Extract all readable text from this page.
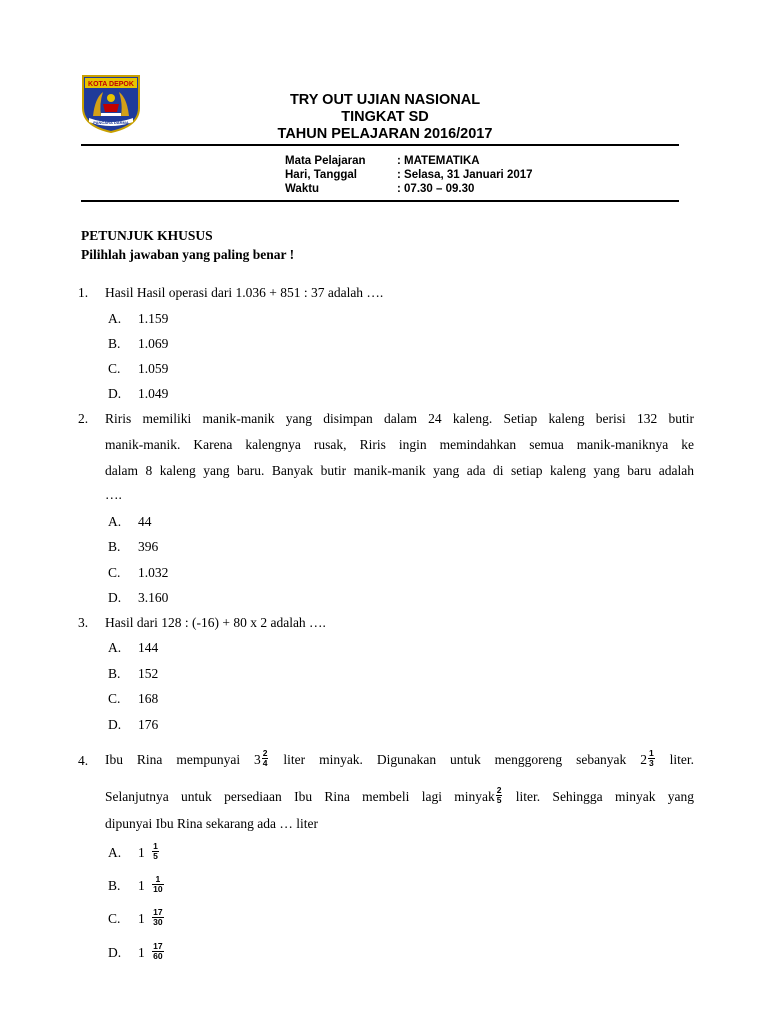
KOTA DEPOK
PANCARA DARMA
TRY OUT UJIAN NASIONAL
TINGKAT SD
TAHUN PELAJARAN 2016/2017
Mata Pelajaran	: MATEMATIKA
Hari, Tanggal	: Selasa, 31 Januari 2017
Waktu	: 07.30 – 09.30
PETUNJUK KHUSUS
Pilihlah jawaban yang paling benar !
1. Hasil Hasil operasi dari 1.036 + 851 : 37 adalah ….
A. 1.159
B. 1.069
C. 1.059
D. 1.049
2. Riris memiliki manik-manik yang disimpan dalam 24 kaleng. Setiap kaleng berisi 132 butir
manik-manik. Karena kalengnya rusak, Riris ingin memindahkan semua manik-maniknya ke
dalam 8 kaleng yang baru. Banyak butir manik-manik yang ada di setiap kaleng yang baru adalah
….
A. 44
B. 396
C. 1.032
D. 3.160
3. Hasil dari 128 : (-16) + 80 x 2 adalah ….
A. 144
B. 152
C. 168
D. 176
4. Ibu Rina mempunyai $3 \frac{2}{4}$ liter minyak. Digunakan untuk menggoreng sebanyak $2 \frac{1}{3}$ liter.
Selanjutnya untuk persediaan Ibu Rina membeli lagi minyak $\frac{2}{5}$ liter. Sehingga minyak yang
dipunyai Ibu Rina sekarang ada … liter
A. $1 \frac{1}{5}$
B. $1 \frac{1}{10}$
C. $1 \frac{17}{30}$
D. $1 \frac{17}{60}$
